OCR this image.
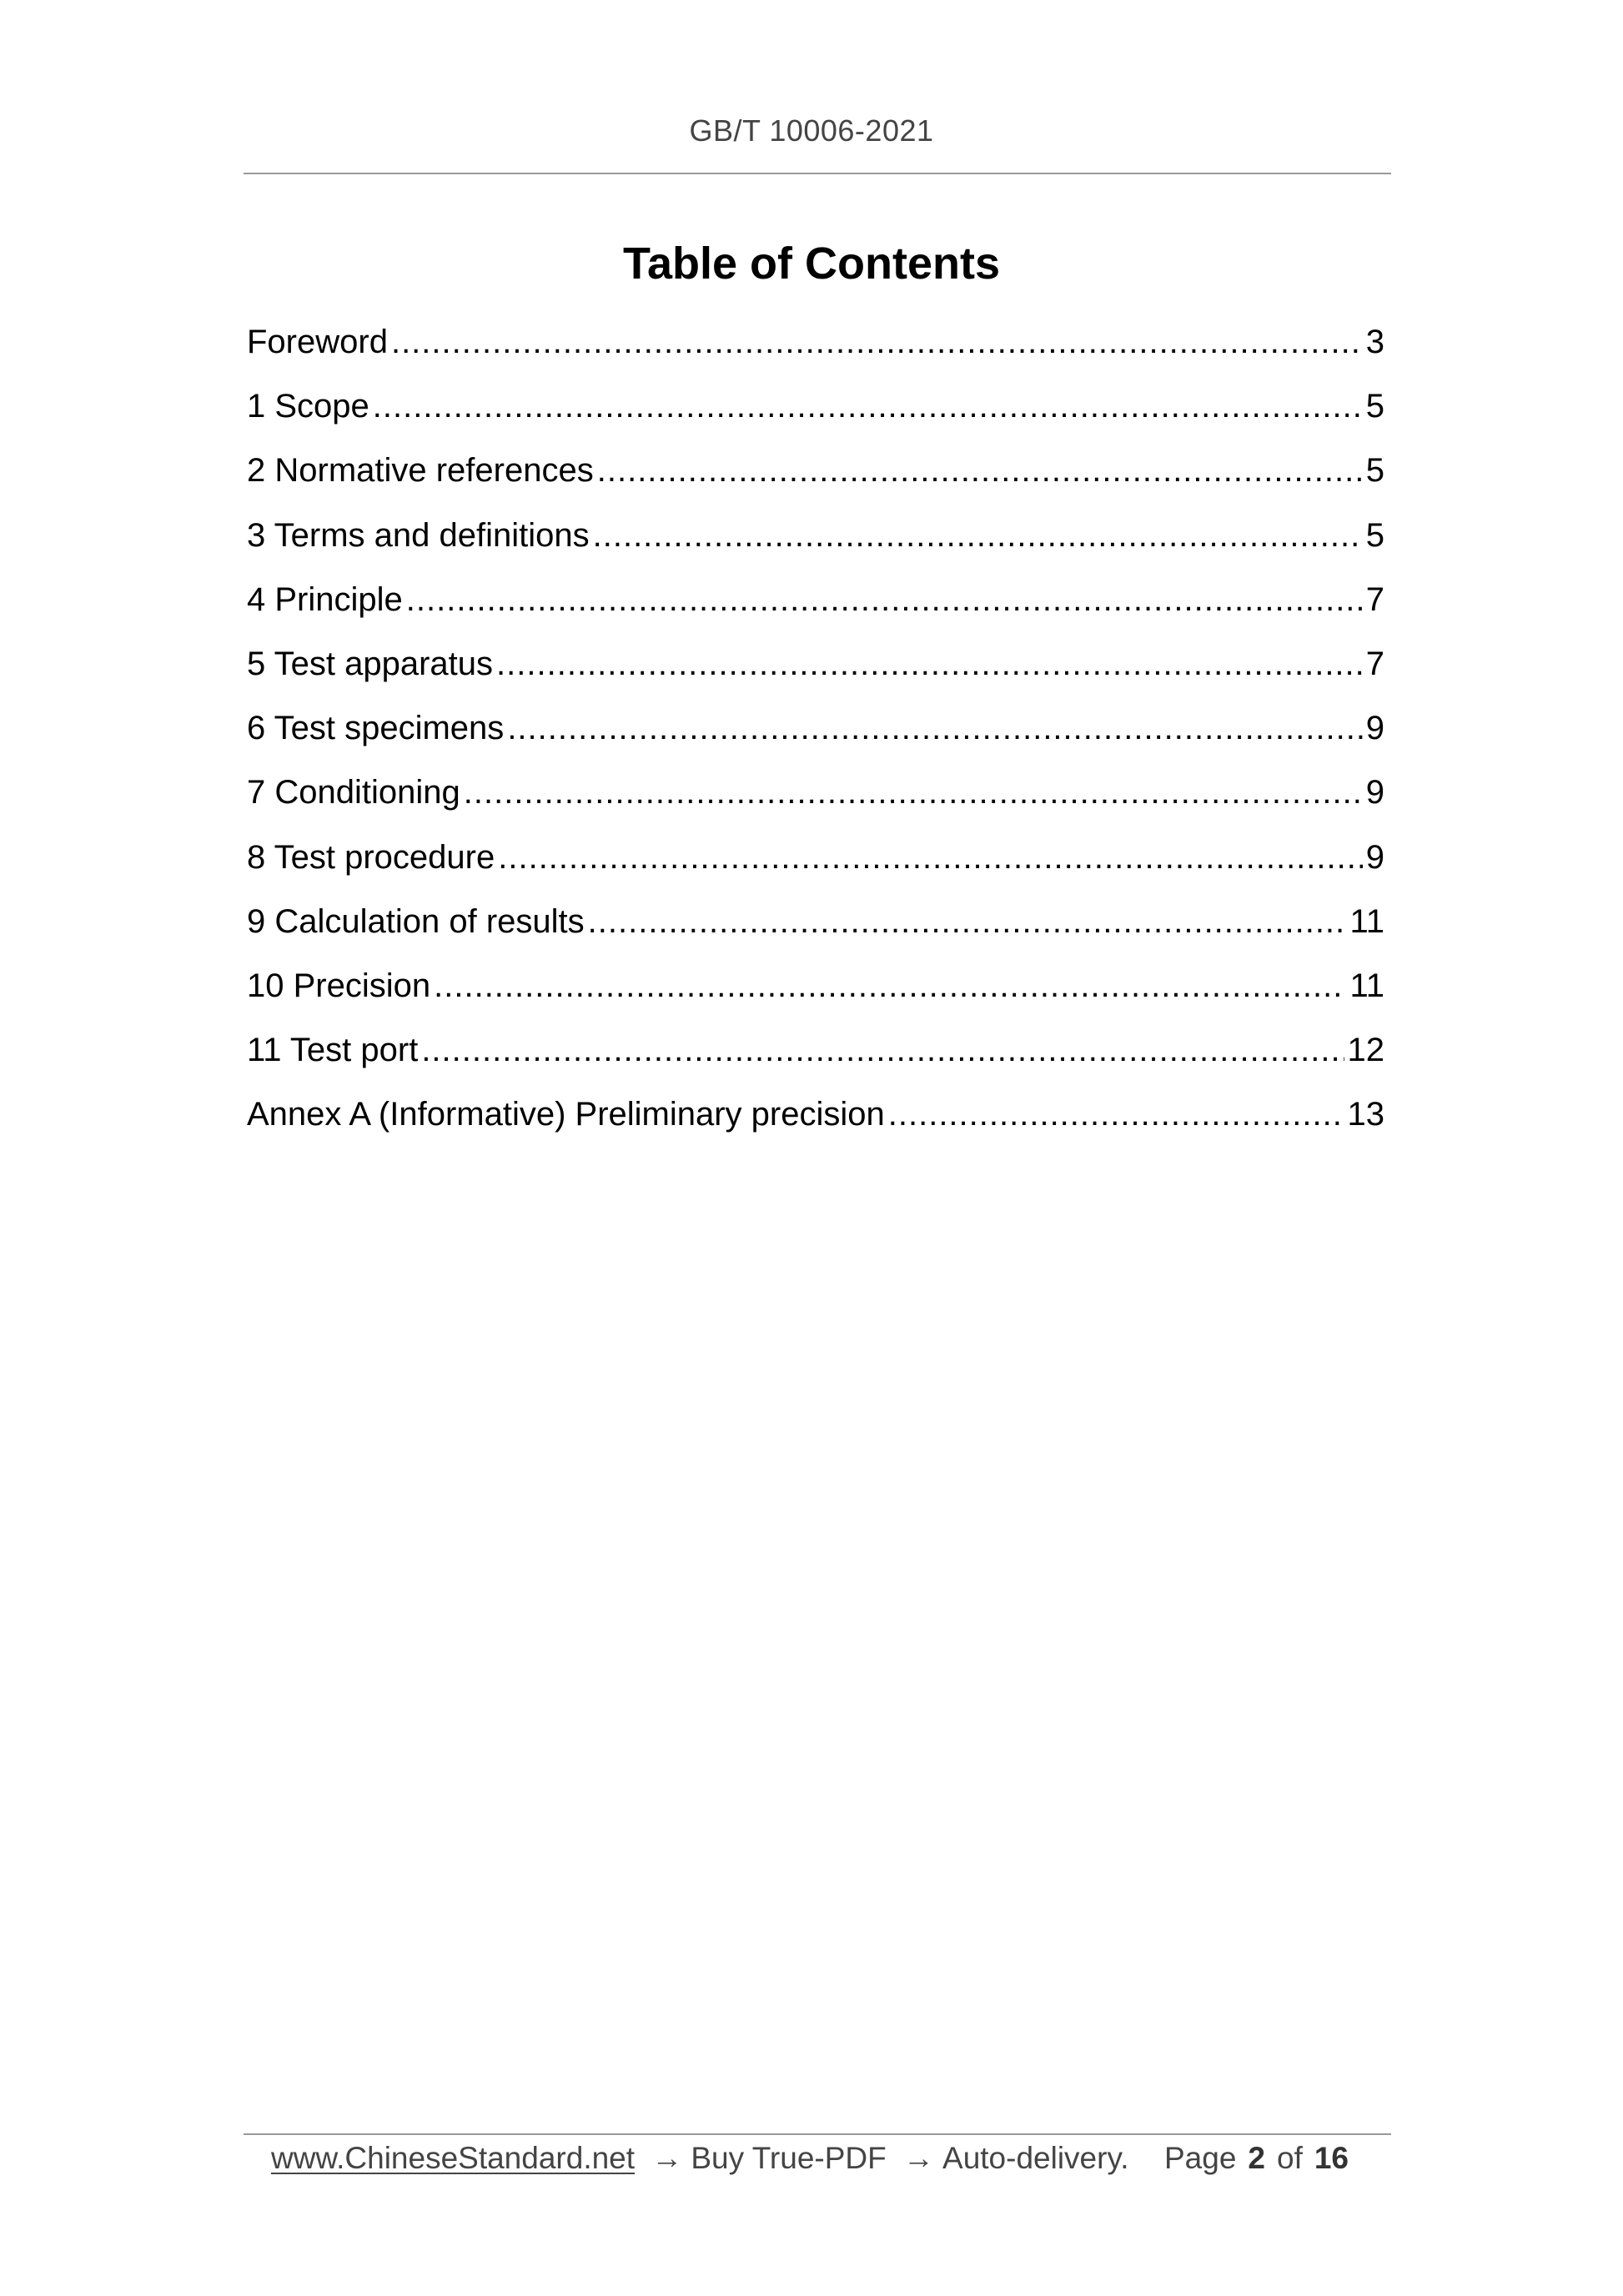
GB/T 10006-2021
Table of Contents
Foreword .....	3
1 Scope .....	5
2 Normative references .....	5
3 Terms and definitions .....	5
4 Principle .....	7
5 Test apparatus .....	7
6 Test specimens .....	9
7 Conditioning .....	9
8 Test procedure .....	9
9 Calculation of results .....	11
10 Precision .....	11
11 Test port .....	12
Annex A (Informative) Preliminary precision .....	13
www.ChineseStandard.net → Buy True-PDF → Auto-delivery. Page 2 of 16
